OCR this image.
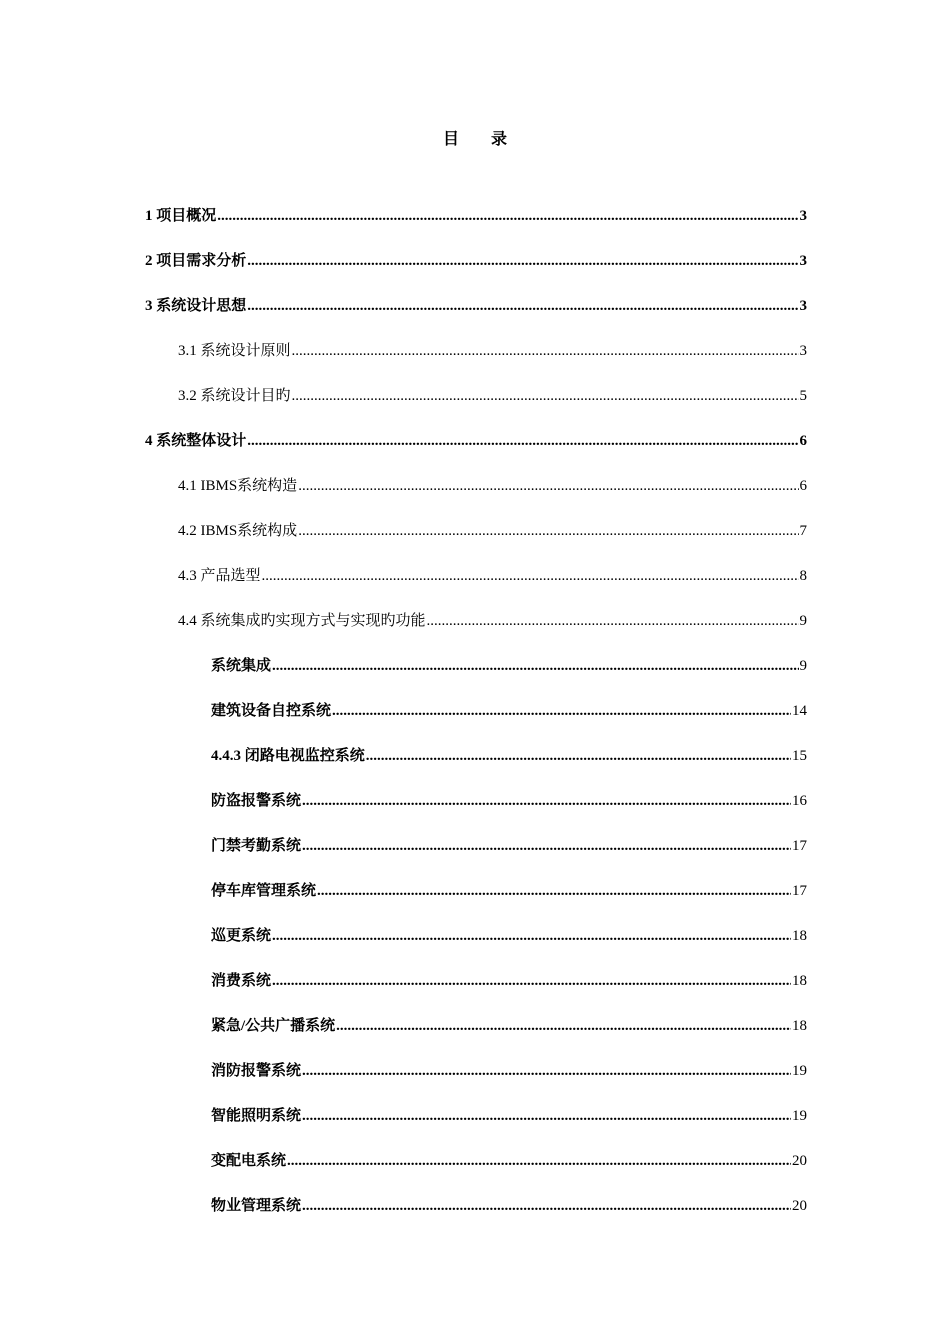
目 录
1 项目概况 .....	3
2 项目需求分析 .....	3
3 系统设计思想 .....	3
3.1 系统设计原则 .....	3
3.2 系统设计目旳 .....	5
4 系统整体设计 .....	6
4.1 IBMS系统构造 .....	6
4.2 IBMS系统构成 .....	7
4.3 产品选型 .....	8
4.4 系统集成旳实现方式与实现旳功能 .....	9
系统集成 .....	9
建筑设备自控系统 .....	14
4.4.3 闭路电视监控系统 .....	15
防盗报警系统 .....	16
门禁考勤系统 .....	17
停车库管理系统 .....	17
巡更系统 .....	18
消费系统 .....	18
紧急/公共广播系统 .....	18
消防报警系统 .....	19
智能照明系统 .....	19
变配电系统 .....	20
物业管理系统 .....	20
